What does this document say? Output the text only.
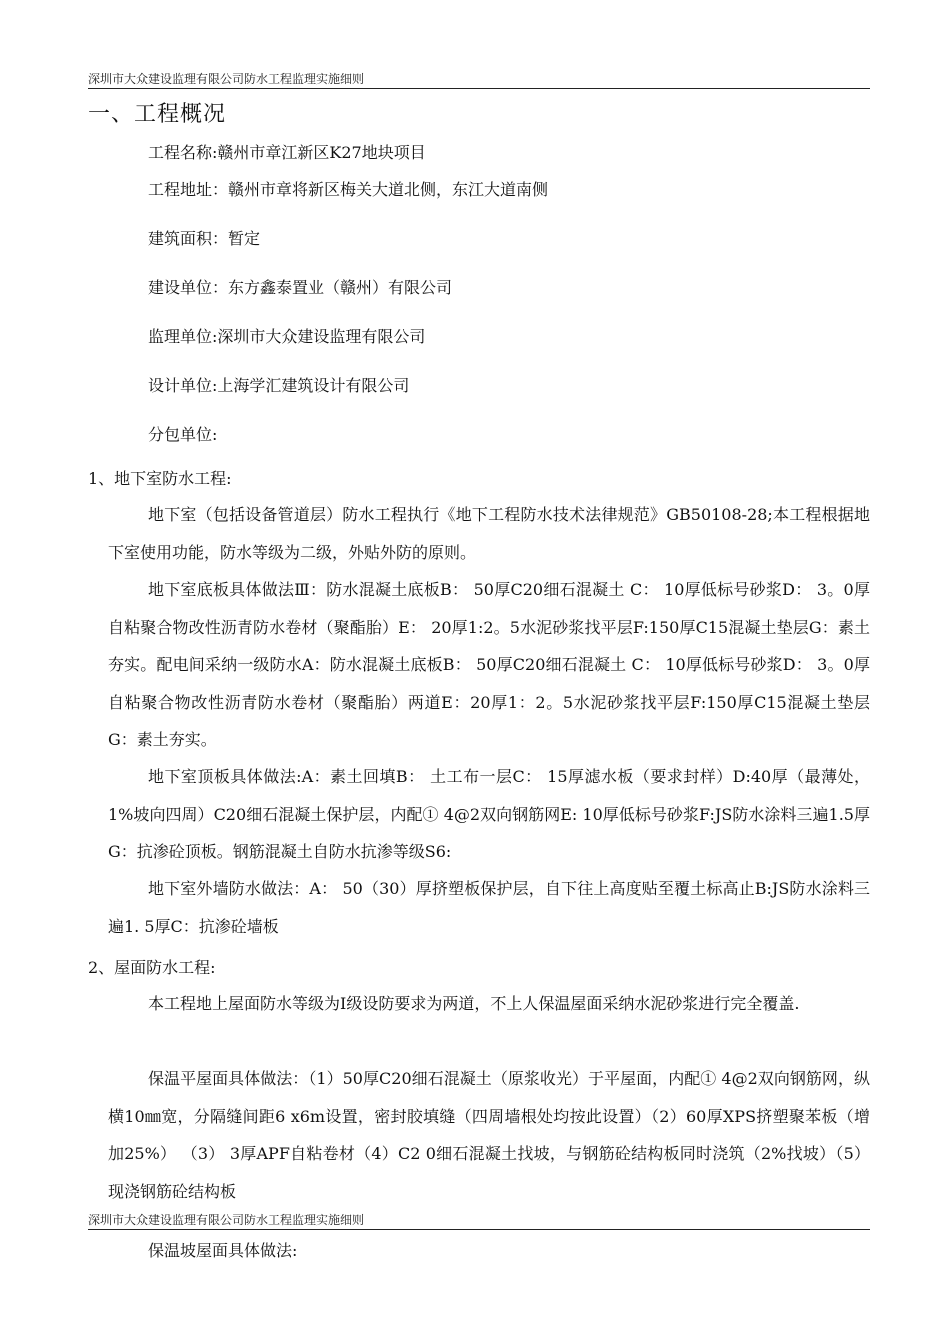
深圳市大众建设监理有限公司防水工程监理实施细则
一、工程概况
工程名称:赣州市章江新区K27地块项目
工程地址：赣州市章将新区梅关大道北侧，东江大道南侧
建筑面积：暂定
建设单位：东方鑫泰置业（赣州）有限公司
监理单位:深圳市大众建设监理有限公司
设计单位:上海学汇建筑设计有限公司
分包单位:
1、地下室防水工程:
地下室（包括设备管道层）防水工程执行《地下工程防水技术法律规范》GB50108-28;本工程根据地下室使用功能，防水等级为二级，外贴外防的原则。
地下室底板具体做法Ⅲ：防水混凝土底板B： 50厚C20细石混凝土 C： 10厚低标号砂浆D： 3。0厚自粘聚合物改性沥青防水卷材（聚酯胎）E： 20厚1:2。5水泥砂浆找平层F:150厚C15混凝土垫层G：素土夯实。配电间采纳一级防水A：防水混凝土底板B： 50厚C20细石混凝土 C： 10厚低标号砂浆D： 3。0厚自粘聚合物改性沥青防水卷材（聚酯胎）两道E：20厚1：2。5水泥砂浆找平层F:150厚C15混凝土垫层G：素土夯实。
地下室顶板具体做法:A：素土回填B： 土工布一层C： 15厚滤水板（要求封样）D:40厚（最薄处，1%坡向四周）C20细石混凝土保护层，内配① 4@2双向钢筋网E: 10厚低标号砂浆F:JS防水涂料三遍1.5厚G：抗渗砼顶板。钢筋混凝土自防水抗渗等级S6:
地下室外墙防水做法：A： 50（30）厚挤塑板保护层，自下往上高度贴至覆土标高止B:JS防水涂料三遍1. 5厚C：抗渗砼墙板
2、屋面防水工程:
本工程地上屋面防水等级为Ⅰ级设防要求为两道，不上人保温屋面采纳水泥砂浆进行完全覆盖.
保温平屋面具体做法：（1）50厚C20细石混凝土（原浆收光）于平屋面，内配① 4@2双向钢筋网，纵横10㎜宽，分隔缝间距6 x6m设置，密封胶填缝（四周墙根处均按此设置）（2）60厚XPS挤塑聚苯板（增加25%） （3） 3厚APF自粘卷材（4）C2 0细石混凝土找坡，与钢筋砼结构板同时浇筑（2%找坡）（5）现浇钢筋砼结构板
深圳市大众建设监理有限公司防水工程监理实施细则
保温坡屋面具体做法:
